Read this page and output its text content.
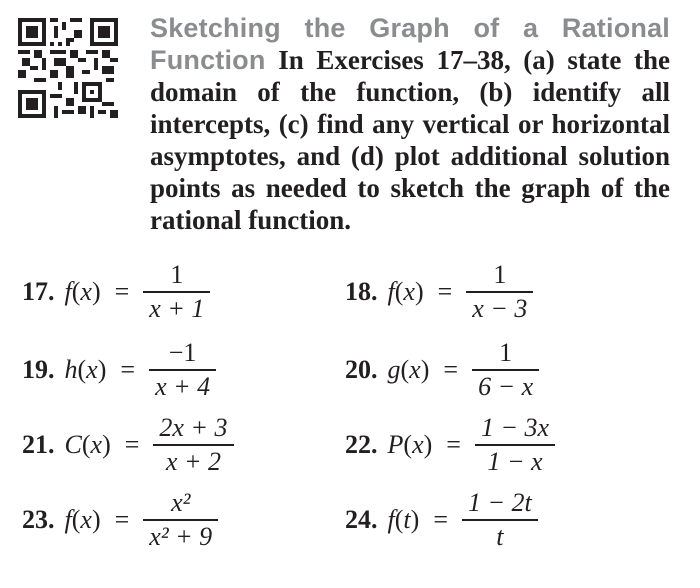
Sketching the Graph of a Rational Function In Exercises 17–38, (a) state the domain of the function, (b) identify all intercepts, (c) find any vertical or horizontal asymptotes, and (d) plot additional solution points as needed to sketch the graph of the rational function.
17. $f(x) = \frac{1}{x + 1}$	18. $f(x) = \frac{1}{x - 3}$
19. $h(x) = \frac{-1}{x + 4}$	20. $g(x) = \frac{1}{6 - x}$
21. $C(x) = \frac{2x + 3}{x + 2}$	22. $P(x) = \frac{1 - 3x}{1 - x}$
23. $f(x) = \frac{\text{x²}}{\text{x² + 9}}$	24. $f(t) = \frac{1 - 2t}{t}$
